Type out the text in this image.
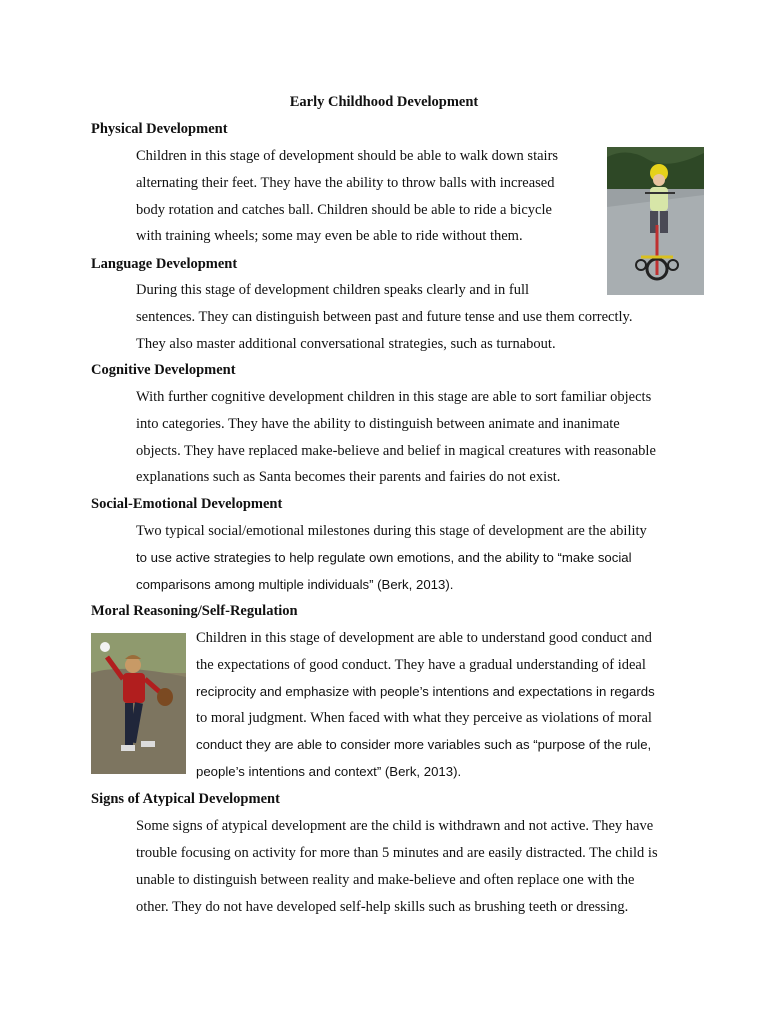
Early Childhood Development
Physical Development
Children in this stage of development should be able to walk down stairs
alternating their feet. They have the ability to throw balls with increased
body rotation and catches ball. Children should be able to ride a bicycle
with training wheels; some may even be able to ride without them.
Language Development
During this stage of development children speaks clearly and in full
sentences. They can distinguish between past and future tense and use them correctly.
They also master additional conversational strategies, such as turnabout.
Cognitive Development
With further cognitive development children in this stage are able to sort familiar objects
into categories. They have the ability to distinguish between animate and inanimate
objects. They have replaced make-believe and belief in magical creatures with reasonable
explanations such as Santa becomes their parents and fairies do not exist.
Social-Emotional Development
Two typical social/emotional milestones during this stage of development are the ability
to use active strategies to help regulate own emotions, and the ability to “make social
comparisons among multiple individuals” (Berk, 2013).
Moral Reasoning/Self-Regulation
Children in this stage of development are able to understand good conduct and
the expectations of good conduct. They have a gradual understanding of ideal
reciprocity and emphasize with people’s intentions and expectations in regards
to moral judgment. When faced with what they perceive as violations of moral
conduct they are able to consider more variables such as “purpose of the rule,
people’s intentions and context” (Berk, 2013).
Signs of Atypical Development
Some signs of atypical development are the child is withdrawn and not active. They have
trouble focusing on activity for more than 5 minutes and are easily distracted. The child is
unable to distinguish between reality and make-believe and often replace one with the
other. They do not have developed self-help skills such as brushing teeth or dressing.
